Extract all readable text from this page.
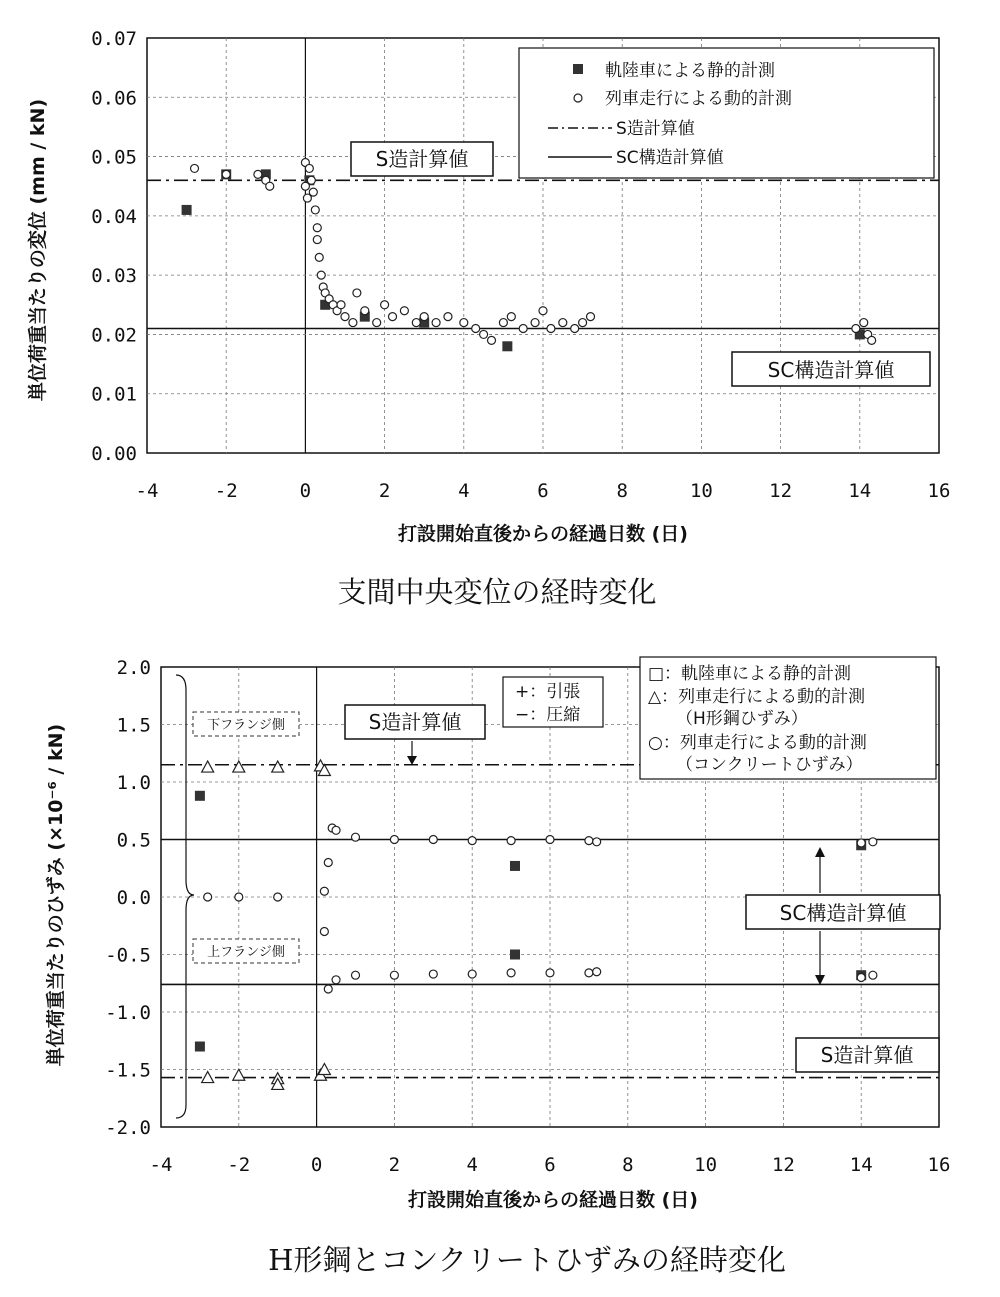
-4	-2	0	2	4	6	8	10	12	14	16
0.00
0.01
0.02
0.03
0.04
0.05
0.06
0.07
軌陸車による静的計測
列車走行による動的計測
S造計算値
SC構造計算値
S造計算値
SC構造計算値
打設開始直後からの経過日数 (日)
単位荷重当たりの変位 (mm / kN)
支間中央変位の経時変化
-4	-2	0	2	4	6	8	10	12	14	16
2.0
1.5
1.0
0.5
0.0
-0.5
-1.0
-1.5
-2.0
下フランジ側
上フランジ側
+：引張
−：圧縮
□：軌陸車による静的計測
△：列車走行による動的計測
（H形鋼ひずみ）
○：列車走行による動的計測
（コンクリートひずみ）
S造計算値
SC構造計算値
S造計算値
打設開始直後からの経過日数 (日)
単位荷重当たりのひずみ (×10⁻⁶ / kN)
H形鋼とコンクリートひずみの経時変化
